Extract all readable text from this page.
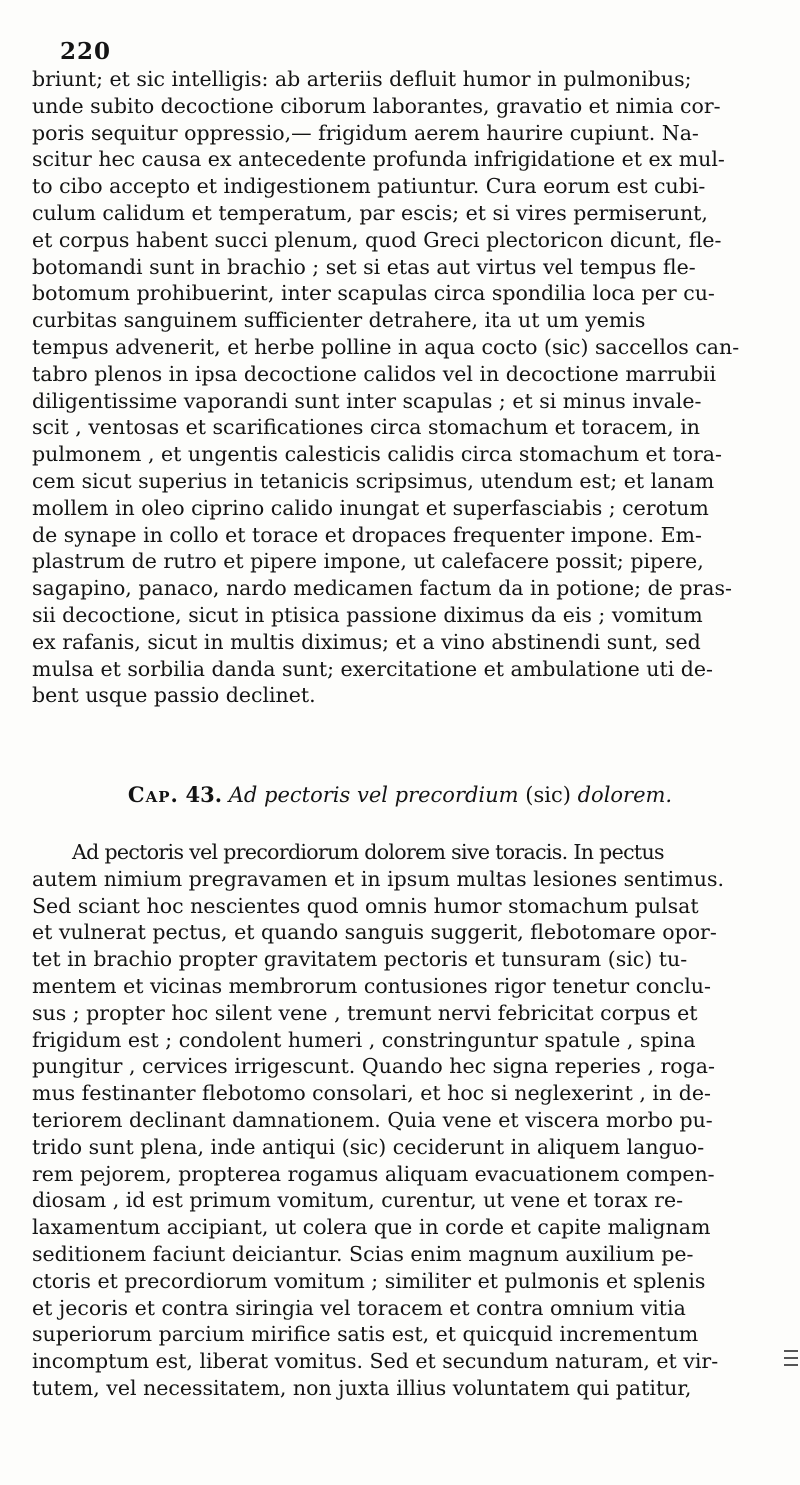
220
briunt; et sic intelligis: ab arteriis defluit humor in pulmonibus;
unde subito decoctione ciborum laborantes, gravatio et nimia cor-
poris sequitur oppressio,— frigidum aerem haurire cupiunt. Na-
scitur hec causa ex antecedente profunda infrigidatione et ex mul-
to cibo accepto et indigestionem patiuntur. Cura eorum est cubi-
culum calidum et temperatum, par escis; et si vires permiserunt,
et corpus habent succi plenum, quod Greci plectoricon dicunt, fle-
botomandi sunt in brachio ; set si etas aut virtus vel tempus fle-
botomum prohibuerint, inter scapulas circa spondilia loca per cu-
curbitas sanguinem sufficienter detrahere, ita ut um yemis
tempus advenerit, et herbe polline in aqua cocto (sic) saccellos can-
tabro plenos in ipsa decoctione calidos vel in decoctione marrubii
diligentissime vaporandi sunt inter scapulas ; et si minus invale-
scit , ventosas et scarificationes circa stomachum et toracem, in
pulmonem , et ungentis calesticis calidis circa stomachum et tora-
cem sicut superius in tetanicis scripsimus, utendum est; et lanam
mollem in oleo ciprino calido inungat et superfasciabis ; cerotum
de synape in collo et torace et dropaces frequenter impone. Em-
plastrum de rutro et pipere impone, ut calefacere possit; pipere,
sagapino, panaco, nardo medicamen factum da in potione; de pras-
sii decoctione, sicut in ptisica passione diximus da eis ; vomitum
ex rafanis, sicut in multis diximus; et a vino abstinendi sunt, sed
mulsa et sorbilia danda sunt; exercitatione et ambulatione uti de-
bent usque passio declinet.
Cap. 43. Ad pectoris vel precordium (sic) dolorem.
Ad pectoris vel precordiorum dolorem sive toracis. In pectus
autem nimium pregravamen et in ipsum multas lesiones sentimus.
Sed sciant hoc nescientes quod omnis humor stomachum pulsat
et vulnerat pectus, et quando sanguis suggerit, flebotomare opor-
tet in brachio propter gravitatem pectoris et tunsuram (sic) tu-
mentem et vicinas membrorum contusiones rigor tenetur conclu-
sus ; propter hoc silent vene , tremunt nervi febricitat corpus et
frigidum est ; condolent humeri , constringuntur spatule , spina
pungitur , cervices irrigescunt. Quando hec signa reperies , roga-
mus festinanter flebotomo consolari, et hoc si neglexerint , in de-
teriorem declinant damnationem. Quia vene et viscera morbo pu-
trido sunt plena, inde antiqui (sic) ceciderunt in aliquem languo-
rem pejorem, propterea rogamus aliquam evacuationem compen-
diosam , id est primum vomitum, curentur, ut vene et torax re-
laxamentum accipiant, ut colera que in corde et capite malignam
seditionem faciunt deiciantur. Scias enim magnum auxilium pe-
ctoris et precordiorum vomitum ; similiter et pulmonis et splenis
et jecoris et contra siringia vel toracem et contra omnium vitia
superiorum parcium mirifice satis est, et quicquid incrementum
incomptum est, liberat vomitus. Sed et secundum naturam, et vir-
tutem, vel necessitatem, non juxta illius voluntatem qui patitur,
